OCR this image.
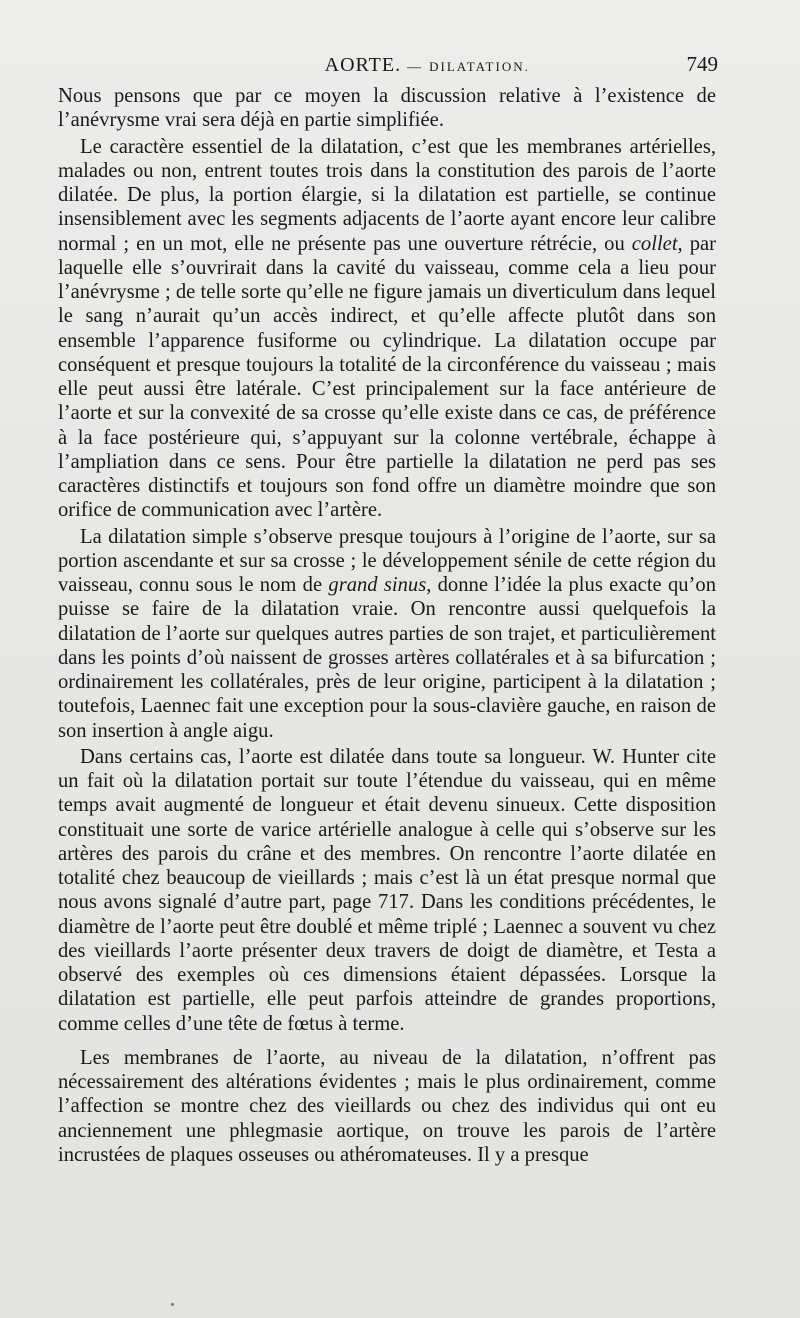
AORTE. — DILATATION.	749

Nous pensons que par ce moyen la discussion relative à l’existence de l’anévrysme vrai sera déjà en partie simplifiée.

Le caractère essentiel de la dilatation, c’est que les membranes artérielles, malades ou non, entrent toutes trois dans la constitution des parois de l’aorte dilatée. De plus, la portion élargie, si la dilatation est partielle, se continue insensiblement avec les segments adjacents de l’aorte ayant encore leur calibre normal ; en un mot, elle ne présente pas une ouverture rétrécie, ou collet, par laquelle elle s’ouvrirait dans la cavité du vaisseau, comme cela a lieu pour l’anévrysme ; de telle sorte qu’elle ne figure jamais un diverticulum dans lequel le sang n’aurait qu’un accès indirect, et qu’elle affecte plutôt dans son ensemble l’apparence fusiforme ou cylindrique. La dilatation occupe par conséquent et presque toujours la totalité de la circonférence du vaisseau ; mais elle peut aussi être latérale. C’est principalement sur la face antérieure de l’aorte et sur la convexité de sa crosse qu’elle existe dans ce cas, de préférence à la face postérieure qui, s’appuyant sur la colonne vertébrale, échappe à l’ampliation dans ce sens. Pour être partielle la dilatation ne perd pas ses caractères distinctifs et toujours son fond offre un diamètre moindre que son orifice de communication avec l’artère.

La dilatation simple s’observe presque toujours à l’origine de l’aorte, sur sa portion ascendante et sur sa crosse ; le développement sénile de cette région du vaisseau, connu sous le nom de grand sinus, donne l’idée la plus exacte qu’on puisse se faire de la dilatation vraie. On rencontre aussi quelquefois la dilatation de l’aorte sur quelques autres parties de son trajet, et particulièrement dans les points d’où naissent de grosses artères collatérales et à sa bifurcation ; ordinairement les collatérales, près de leur origine, participent à la dilatation ; toutefois, Laennec fait une exception pour la sous-clavière gauche, en raison de son insertion à angle aigu.

Dans certains cas, l’aorte est dilatée dans toute sa longueur. W. Hunter cite un fait où la dilatation portait sur toute l’étendue du vaisseau, qui en même temps avait augmenté de longueur et était devenu sinueux. Cette disposition constituait une sorte de varice artérielle analogue à celle qui s’observe sur les artères des parois du crâne et des membres. On rencontre l’aorte dilatée en totalité chez beaucoup de vieillards ; mais c’est là un état presque normal que nous avons signalé d’autre part, page 717. Dans les conditions précédentes, le diamètre de l’aorte peut être doublé et même triplé ; Laennec a souvent vu chez des vieillards l’aorte présenter deux travers de doigt de diamètre, et Testa a observé des exemples où ces dimensions étaient dépassées. Lorsque la dilatation est partielle, elle peut parfois atteindre de grandes proportions, comme celles d’une tête de fœtus à terme.

Les membranes de l’aorte, au niveau de la dilatation, n’offrent pas nécessairement des altérations évidentes ; mais le plus ordinairement, comme l’affection se montre chez des vieillards ou chez des individus qui ont eu anciennement une phlegmasie aortique, on trouve les parois de l’artère incrustées de plaques osseuses ou athéromateuses. Il y a presque
